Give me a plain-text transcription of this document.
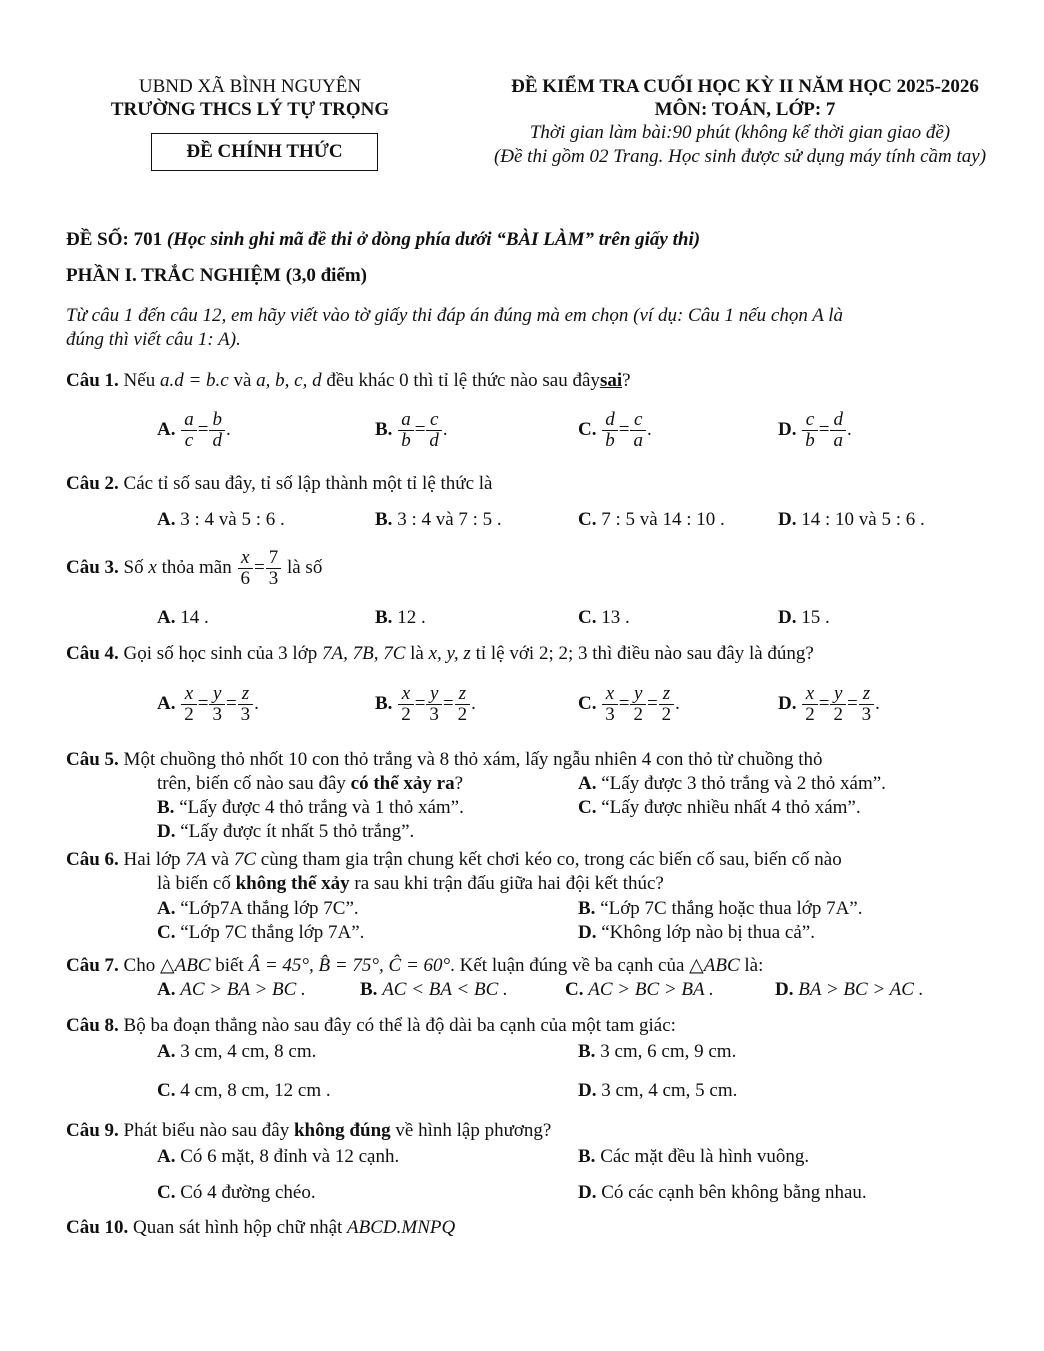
UBND XÃ BÌNH NGUYÊN
TRƯỜNG THCS LÝ TỰ TRỌNG
ĐỀ CHÍNH THỨC
ĐỀ KIỂM TRA CUỐI HỌC KỲ II NĂM HỌC 2025-2026
MÔN: TOÁN, LỚP: 7
Thời gian làm bài:90 phút (không kể thời gian giao đề)
(Đề thi gồm 02 Trang. Học sinh được sử dụng máy tính cầm tay)
ĐỀ SỐ: 701 (Học sinh ghi mã đề thi ở dòng phía dưới “BÀI LÀM” trên giấy thi)
PHẦN I. TRẮC NGHIỆM (3,0 điểm)
Từ câu 1 đến câu 12, em hãy viết vào tờ giấy thi đáp án đúng mà em chọn (ví dụ: Câu 1 nếu chọn A là
đúng thì viết câu 1: A).
Câu 1. Nếu a.d = b.c và a, b, c, d đều khác 0 thì tỉ lệ thức nào sau đâysai?
A. $\frac{a}{c} = \frac{b}{d}$ .	B. $\frac{a}{b} = \frac{c}{d}$ .	C. $\frac{d}{b} = \frac{c}{a}$ .	D. $\frac{c}{b} = \frac{d}{a}$ .
Câu 2. Các tỉ số sau đây, tỉ số lập thành một tỉ lệ thức là
A. 3 : 4 và 5 : 6 .	B. 3 : 4 và 7 : 5 .	C. 7 : 5 và 14 : 10 .	D. 14 : 10 và 5 : 6 .
Câu 3. Số x thỏa mãn $\frac{x}{6} = \frac{7}{3}$ là số
A. 14 .	B. 12 .	C. 13 .	D. 15 .
Câu 4. Gọi số học sinh của 3 lớp 7A, 7B, 7C là x, y, z tỉ lệ với 2; 2; 3 thì điều nào sau đây là đúng?
A. $\frac{x}{2} = \frac{y}{3} = \frac{z}{3}$ .	B. $\frac{x}{2} = \frac{y}{3} = \frac{z}{2}$ .	C. $\frac{x}{3} = \frac{y}{2} = \frac{z}{2}$ .	D. $\frac{x}{2} = \frac{y}{2} = \frac{z}{3}$ .
Câu 5. Một chuồng thỏ nhốt 10 con thỏ trắng và 8 thỏ xám, lấy ngẫu nhiên 4 con thỏ từ chuồng thỏ
trên, biến cố nào sau đây có thể xảy ra?	A. “Lấy được 3 thỏ trắng và 2 thỏ xám”.
B. “Lấy được 4 thỏ trắng và 1 thỏ xám”.	C. “Lấy được nhiều nhất 4 thỏ xám”.
D. “Lấy được ít nhất 5 thỏ trắng”.
Câu 6. Hai lớp 7A và 7C cùng tham gia trận chung kết chơi kéo co, trong các biến cố sau, biến cố nào
là biến cố không thể xảy ra sau khi trận đấu giữa hai đội kết thúc?
A. “Lớp7A thắng lớp 7C”.	B. “Lớp 7C thắng hoặc thua lớp 7A”.
C. “Lớp 7C thắng lớp 7A”.	D. “Không lớp nào bị thua cả”.
Câu 7. Cho △ABC biết Â = 45°, B̂ = 75°, Ĉ = 60°. Kết luận đúng về ba cạnh của △ABC là:
A. AC > BA > BC .	B. AC < BA < BC .	C. AC > BC > BA .	D. BA > BC > AC .
Câu 8. Bộ ba đoạn thẳng nào sau đây có thể là độ dài ba cạnh của một tam giác:
A. 3 cm, 4 cm, 8 cm.	B. 3 cm, 6 cm, 9 cm.
C. 4 cm, 8 cm, 12 cm .	D. 3 cm, 4 cm, 5 cm.
Câu 9. Phát biểu nào sau đây không đúng về hình lập phương?
A. Có 6 mặt, 8 đỉnh và 12 cạnh.	B. Các mặt đều là hình vuông.
C. Có 4 đường chéo.	D. Có các cạnh bên không bằng nhau.
Câu 10. Quan sát hình hộp chữ nhật ABCD.MNPQ
